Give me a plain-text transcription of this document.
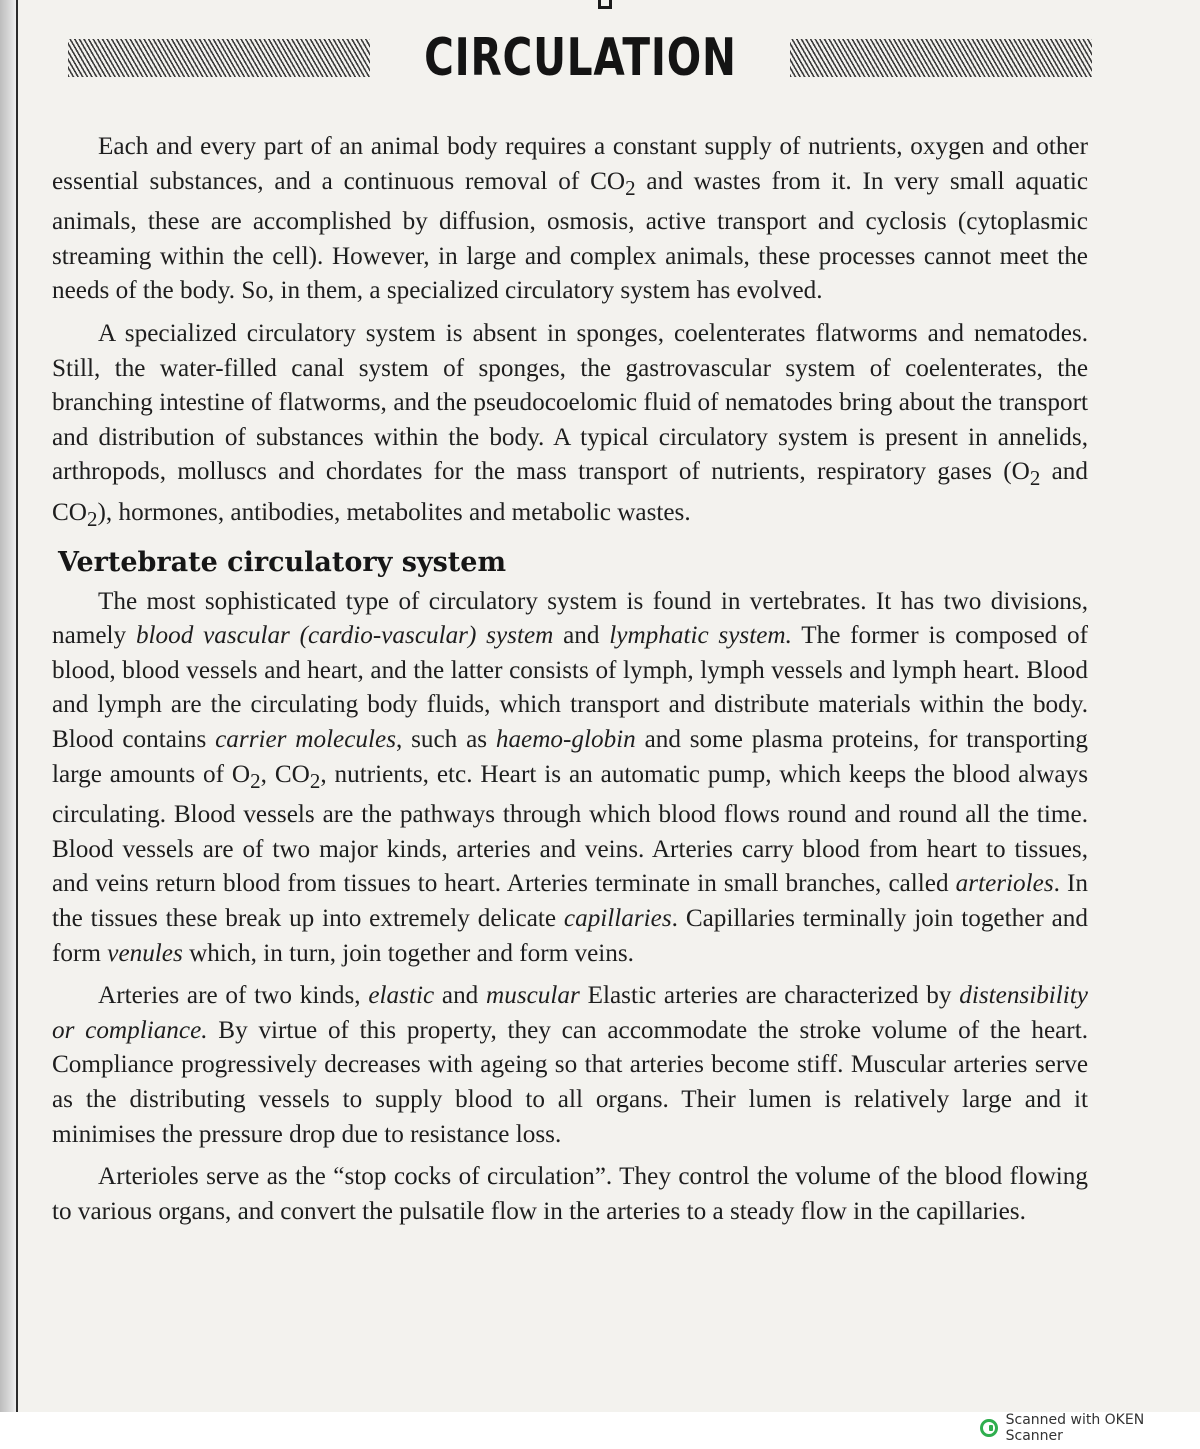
CIRCULATION

Each and every part of an animal body requires a constant supply of nutrients, oxygen and other essential substances, and a continuous removal of $CO_2$ and wastes from it. In very small aquatic animals, these are accomplished by diffusion, osmosis, active transport and cyclosis (cytoplasmic streaming within the cell). However, in large and complex animals, these processes cannot meet the needs of the body. So, in them, a specialized circulatory system has evolved.

A specialized circulatory system is absent in sponges, coelenterates flatworms and nematodes. Still, the water-filled canal system of sponges, the gastrovascular system of coelenterates, the branching intestine of flatworms, and the pseudocoelomic fluid of nematodes bring about the transport and distribution of substances within the body. A typical circulatory system is present in annelids, arthropods, molluscs and chordates for the mass transport of nutrients, respiratory gases ($O_2$ and $CO_2$), hormones, antibodies, metabolites and metabolic wastes.

Vertebrate circulatory system

The most sophisticated type of circulatory system is found in vertebrates. It has two divisions, namely blood vascular (cardio-vascular) system and lymphatic system. The former is composed of blood, blood vessels and heart, and the latter consists of lymph, lymph vessels and lymph heart. Blood and lymph are the circulating body fluids, which transport and distribute materials within the body. Blood contains carrier molecules, such as haemo-globin and some plasma proteins, for transporting large amounts of $O_2$, $CO_2$, nutrients, etc. Heart is an automatic pump, which keeps the blood always circulating. Blood vessels are the pathways through which blood flows round and round all the time. Blood vessels are of two major kinds, arteries and veins. Arteries carry blood from heart to tissues, and veins return blood from tissues to heart. Arteries terminate in small branches, called arterioles. In the tissues these break up into extremely delicate capillaries. Capillaries terminally join together and form venules which, in turn, join together and form veins.

Arteries are of two kinds, elastic and muscular Elastic arteries are characterized by distensibility or compliance. By virtue of this property, they can accommodate the stroke volume of the heart. Compliance progressively decreases with ageing so that arteries become stiff. Muscular arteries serve as the distributing vessels to supply blood to all organs. Their lumen is relatively large and it minimises the pressure drop due to resistance loss.

Arterioles serve as the “stop cocks of circulation”. They control the volume of the blood flowing to various organs, and convert the pulsatile flow in the arteries to a steady flow in the capillaries.

Scanned with OKEN Scanner
